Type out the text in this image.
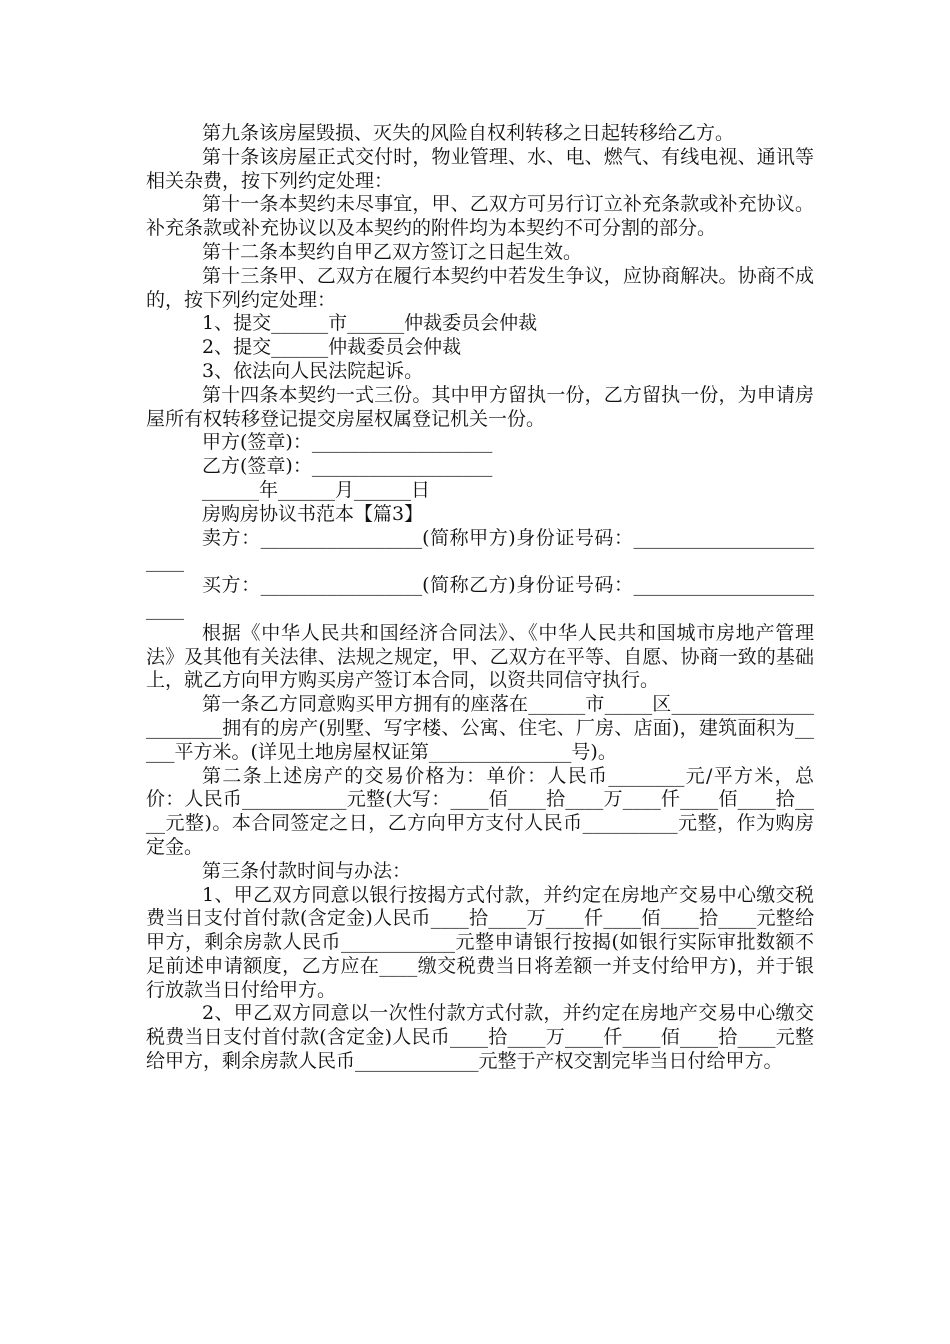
第九条该房屋毁损、灭失的风险自权利转移之日起转移给乙方。

第十条该房屋正式交付时，物业管理、水、电、燃气、有线电视、通讯等相关杂费，按下列约定处理：

第十一条本契约未尽事宜，甲、乙双方可另行订立补充条款或补充协议。补充条款或补充协议以及本契约的附件均为本契约不可分割的部分。

第十二条本契约自甲乙双方签订之日起生效。

第十三条甲、乙双方在履行本契约中若发生争议，应协商解决。协商不成的，按下列约定处理：

1、提交______市______仲裁委员会仲裁

2、提交______仲裁委员会仲裁

3、依法向人民法院起诉。

第十四条本契约一式三份。其中甲方留执一份，乙方留执一份，为申请房屋所有权转移登记提交房屋权属登记机关一份。

甲方(签章)：___________________

乙方(签章)：___________________

______年______月______日

房购房协议书范本【篇3】

卖方：_________________(简称甲方)身份证号码：_______________________

买方：_________________(简称乙方)身份证号码：_______________________

根据《中华人民共和国经济合同法》、《中华人民共和国城市房地产管理法》及其他有关法律、法规之规定，甲、乙双方在平等、自愿、协商一致的基础上，就乙方向甲方购买房产签订本合同，以资共同信守执行。

第一条乙方同意购买甲方拥有的座落在______市_____区_______________________拥有的房产(别墅、写字楼、公寓、住宅、厂房、店面)，建筑面积为_____平方米。(详见土地房屋权证第_______________号)。

第二条上述房产的交易价格为：单价：人民币________元/平方米，总价：人民币___________元整(大写：____佰____拾____万____仟____佰____拾____元整)。本合同签定之日，乙方向甲方支付人民币__________元整，作为购房定金。

第三条付款时间与办法：

1、甲乙双方同意以银行按揭方式付款，并约定在房地产交易中心缴交税费当日支付首付款(含定金)人民币____拾____万____仟____佰____拾____元整给甲方，剩余房款人民币____________元整申请银行按揭(如银行实际审批数额不足前述申请额度，乙方应在____缴交税费当日将差额一并支付给甲方)，并于银行放款当日付给甲方。

2、甲乙双方同意以一次性付款方式付款，并约定在房地产交易中心缴交税费当日支付首付款(含定金)人民币____拾____万____仟____佰____拾____元整给甲方，剩余房款人民币_____________元整于产权交割完毕当日付给甲方。
